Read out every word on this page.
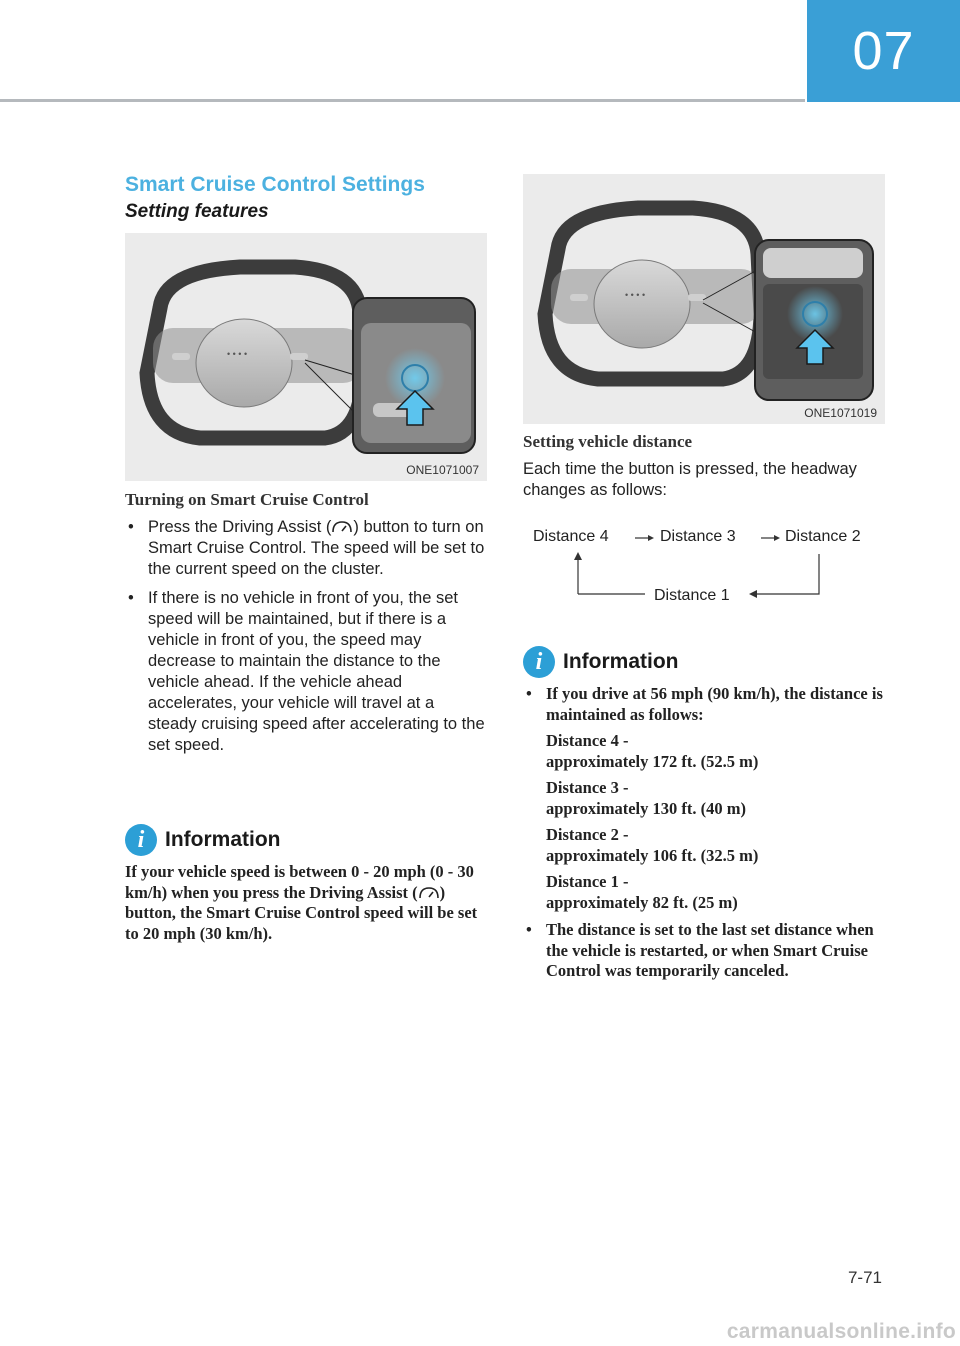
07
Smart Cruise Control Settings
Setting features
• • • •
ONE1071007
Turning on Smart Cruise Control
• Press the Driving Assist ( ) button to turn on Smart Cruise Control. The speed will be set to the current speed on the cluster.
• If there is no vehicle in front of you, the set speed will be maintained, but if there is a vehicle in front of you, the speed may decrease to maintain the distance to the vehicle ahead. If the vehicle ahead accelerates, your vehicle will travel at a steady cruising speed after accelerating to the set speed.
i Information
If your vehicle speed is between 0 - 20 mph (0 - 30 km/h) when you press the Driving Assist ( ) button, the Smart Cruise Control speed will be set to 20 mph (30 km/h).
• • • •
ONE1071019
Setting vehicle distance
Each time the button is pressed, the headway changes as follows:
Distance 4	Distance 3	Distance 2
Distance 1
i Information
• If you drive at 56 mph (90 km/h), the distance is maintained as follows:
Distance 4 -
approximately 172 ft. (52.5 m)
Distance 3 -
approximately 130 ft. (40 m)
Distance 2 -
approximately 106 ft. (32.5 m)
Distance 1 -
approximately 82 ft. (25 m)
• The distance is set to the last set distance when the vehicle is restarted, or when Smart Cruise Control was temporarily canceled.
7-71
carmanualsonline.info
